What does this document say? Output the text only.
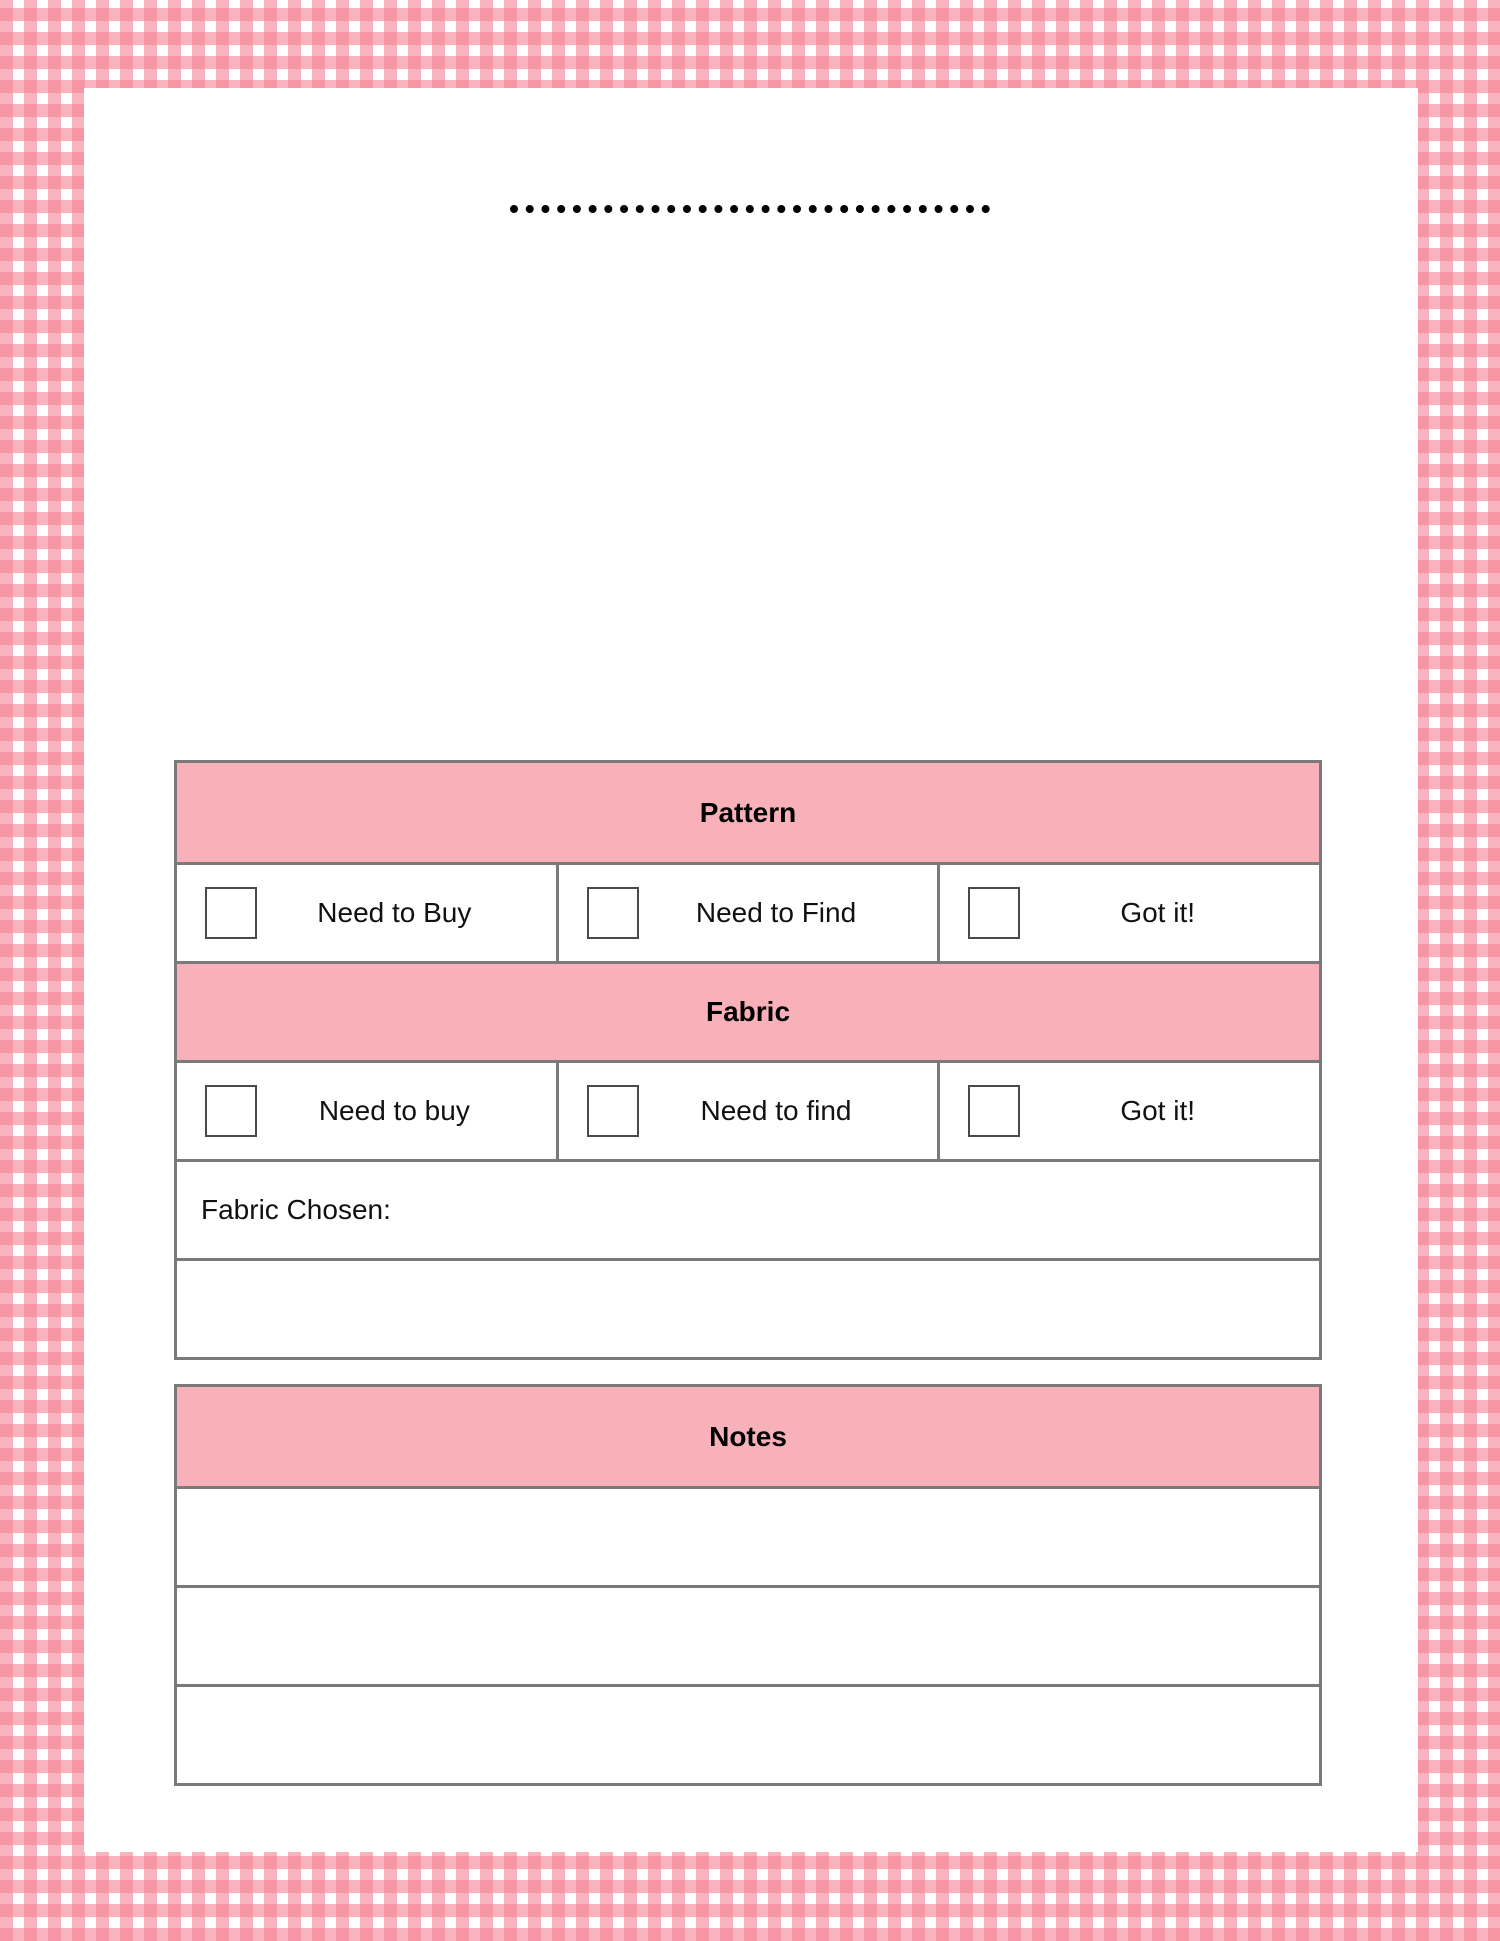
Pattern
Need to Buy	Need to Find	Got it!
Fabric
Need to buy	Need to find	Got it!
Fabric Chosen:
Notes
